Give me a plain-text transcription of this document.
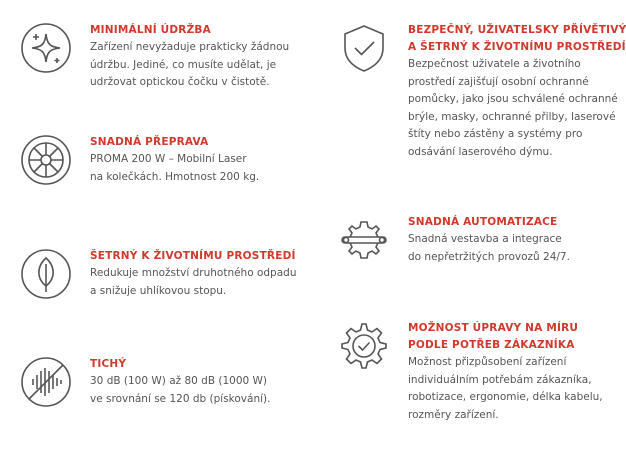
MINIMÁLNÍ ÚDRŽBA

Zařízení nevyžaduje prakticky žádnou
údržbu. Jediné, co musíte udělat, je
udržovat optickou čočku v čistotě.

SNADNÁ PŘEPRAVA

PROMA 200 W – Mobilní Laser
na kolečkách. Hmotnost 200 kg.

ŠETRNÝ K ŽIVOTNÍMU PROSTŘEDÍ

Redukuje množství druhotného odpadu
a snižuje uhlíkovou stopu.

TICHÝ

30 dB (100 W) až 80 dB (1000 W)
ve srovnání se 120 db (pískování).

BEZPEČNÝ, UŽIVATELSKY PŘÍVĚTIVÝ
A ŠETRNÝ K ŽIVOTNÍMU PROSTŘEDÍ

Bezpečnost uživatele a životního
prostředí zajišťují osobní ochranné
pomůcky, jako jsou schválené ochranné
brýle, masky, ochranné přilby, laserové
štíty nebo zástěny a systémy pro
odsávání laserového dýmu.

SNADNÁ AUTOMATIZACE

Snadná vestavba a integrace
do nepřetržitých provozů 24/7.

MOŽNOST ÚPRAVY NA MÍRU
PODLE POTŘEB ZÁKAZNÍKA

Možnost přizpůsobení zařízení
individuálním potřebám zákazníka,
robotizace, ergonomie, délka kabelu,
rozměry zařízení.
